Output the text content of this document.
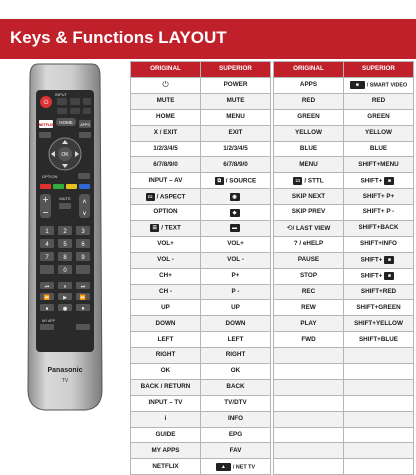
Keys & Functions LAYOUT
⏻
INPUT
NETFLIX HOME APPS
OK
OPTION
+
−
∧
∨
MUTE
1 2 3
4 5 6
7 8 9
0
⏮	⏸	⏭
⏪	▶	⏩
⏹	●	⏺
MY APP
Panasonic
TV
ORIGINAL	SUPERIOR
⏻	POWER
MUTE	MUTE
HOME	MENU
X / EXIT	EXIT
1/2/3/4/5	1/2/3/4/5
6/7/8/9/0	6/7/8/9/0
INPUT – AV	⧉ / SOURCE
▭ / ASPECT	◉
OPTION	◆
☰ / TEXT	▬
VOL+	VOL+
VOL -	VOL -
CH+	P+
CH -	P -
UP	UP
DOWN	DOWN
LEFT	LEFT
RIGHT	RIGHT
OK	OK
BACK / RETURN	BACK
INPUT – TV	TV/DTV
i	INFO
GUIDE	EPG
MY APPS	FAV
NETFLIX	▲ / NET TV
ORIGINAL	SUPERIOR
APPS	■ / SMART VIDEO
RED	RED
GREEN	GREEN
YELLOW	YELLOW
BLUE	BLUE
MENU	SHIFT+MENU
▭ / STTL	SHIFT+ ■
SKIP NEXT	SHIFT+ P+
SKIP PREV	SHIFT+ P -
⟲/ LAST VIEW	SHIFT+BACK
? / eHELP	SHIFT+INFO
PAUSE	SHIFT+ ■
STOP	SHIFT+ ■
REC	SHIFT+RED
REW	SHIFT+GREEN
PLAY	SHIFT+YELLOW
FWD	SHIFT+BLUE
